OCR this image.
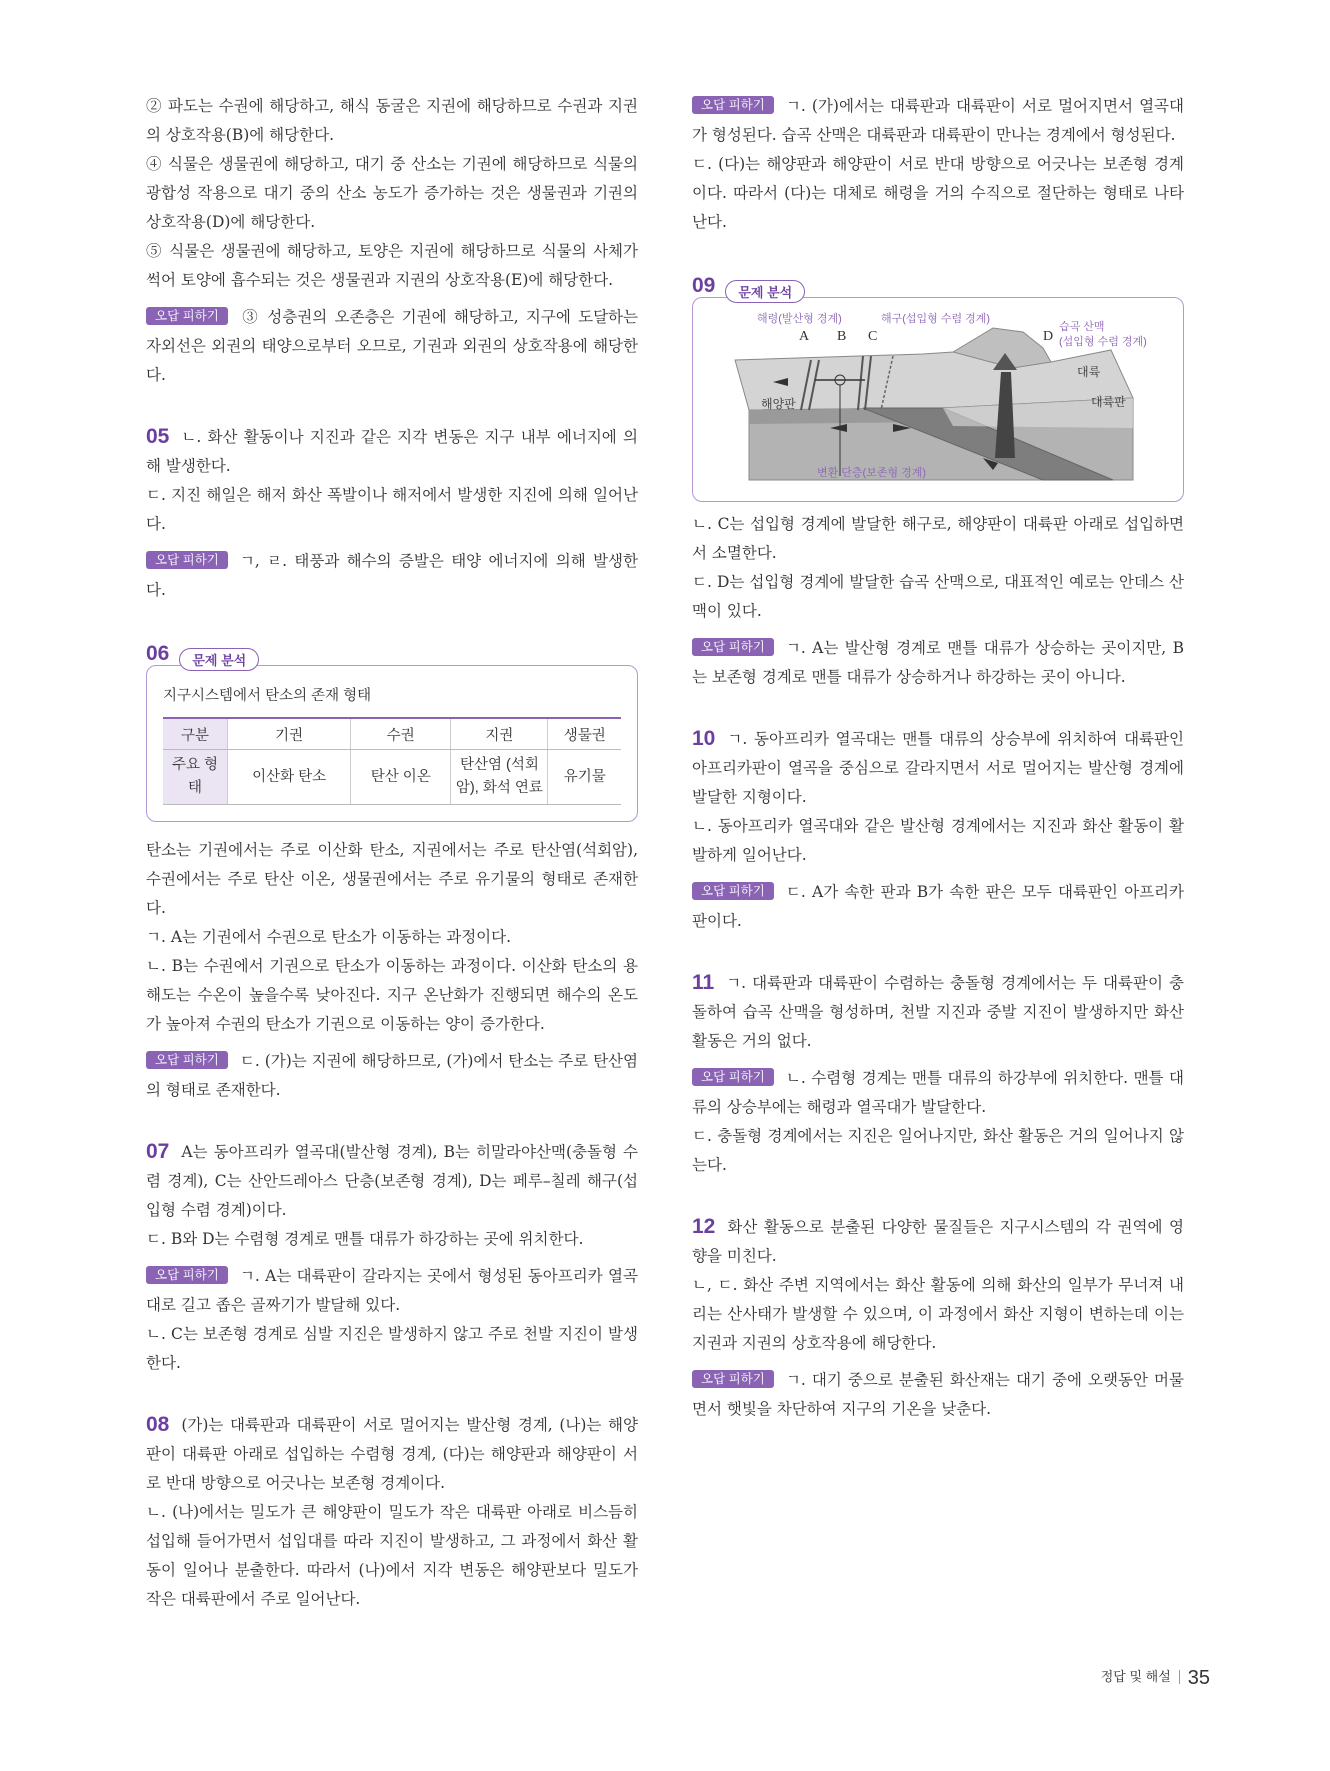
② 파도는 수권에 해당하고, 해식 동굴은 지권에 해당하므로 수권과 지권의 상호작용(B)에 해당한다.

④ 식물은 생물권에 해당하고, 대기 중 산소는 기권에 해당하므로 식물의 광합성 작용으로 대기 중의 산소 농도가 증가하는 것은 생물권과 기권의 상호작용(D)에 해당한다.

⑤ 식물은 생물권에 해당하고, 토양은 지권에 해당하므로 식물의 사체가 썩어 토양에 흡수되는 것은 생물권과 지권의 상호작용(E)에 해당한다.

오답 피하기 ③ 성층권의 오존층은 기권에 해당하고, 지구에 도달하는 자외선은 외권의 태양으로부터 오므로, 기권과 외권의 상호작용에 해당한다.

05 ㄴ. 화산 활동이나 지진과 같은 지각 변동은 지구 내부 에너지에 의해 발생한다.

ㄷ. 지진 해일은 해저 화산 폭발이나 해저에서 발생한 지진에 의해 일어난다.

오답 피하기 ㄱ, ㄹ. 태풍과 해수의 증발은 태양 에너지에 의해 발생한다.

06	문제 분석
지구시스템에서 탄소의 존재 형태
구분	기권	수권	지권	생물권
주요 형태	이산화 탄소	탄산 이온	탄산염 (석회암), 화석 연료	유기물

탄소는 기권에서는 주로 이산화 탄소, 지권에서는 주로 탄산염(석회암), 수권에서는 주로 탄산 이온, 생물권에서는 주로 유기물의 형태로 존재한다.

ㄱ. A는 기권에서 수권으로 탄소가 이동하는 과정이다.

ㄴ. B는 수권에서 기권으로 탄소가 이동하는 과정이다. 이산화 탄소의 용해도는 수온이 높을수록 낮아진다. 지구 온난화가 진행되면 해수의 온도가 높아져 수권의 탄소가 기권으로 이동하는 양이 증가한다.

오답 피하기 ㄷ. (가)는 지권에 해당하므로, (가)에서 탄소는 주로 탄산염의 형태로 존재한다.

07 A는 동아프리카 열곡대(발산형 경계), B는 히말라야산맥(충돌형 수렴 경계), C는 산안드레아스 단층(보존형 경계), D는 페루–칠레 해구(섭입형 수렴 경계)이다.

ㄷ. B와 D는 수렴형 경계로 맨틀 대류가 하강하는 곳에 위치한다.

오답 피하기 ㄱ. A는 대륙판이 갈라지는 곳에서 형성된 동아프리카 열곡대로 길고 좁은 골짜기가 발달해 있다.

ㄴ. C는 보존형 경계로 심발 지진은 발생하지 않고 주로 천발 지진이 발생한다.

08 (가)는 대륙판과 대륙판이 서로 멀어지는 발산형 경계, (나)는 해양판이 대륙판 아래로 섭입하는 수렴형 경계, (다)는 해양판과 해양판이 서로 반대 방향으로 어긋나는 보존형 경계이다.

ㄴ. (나)에서는 밀도가 큰 해양판이 밀도가 작은 대륙판 아래로 비스듬히 섭입해 들어가면서 섭입대를 따라 지진이 발생하고, 그 과정에서 화산 활동이 일어나 분출한다. 따라서 (나)에서 지각 변동은 해양판보다 밀도가 작은 대륙판에서 주로 일어난다.

오답 피하기 ㄱ. (가)에서는 대륙판과 대륙판이 서로 멀어지면서 열곡대가 형성된다. 습곡 산맥은 대륙판과 대륙판이 만나는 경계에서 형성된다.

ㄷ. (다)는 해양판과 해양판이 서로 반대 방향으로 어긋나는 보존형 경계이다. 따라서 (다)는 대체로 해령을 거의 수직으로 절단하는 형태로 나타난다.

09	문제 분석
해령(발산형 경계)	해구(섭입형 수렴 경계)
습곡 산맥
(섭입형 수렴 경계)
A B C	D
대륙
대륙판
해양판
변환 단층(보존형 경계)

ㄴ. C는 섭입형 경계에 발달한 해구로, 해양판이 대륙판 아래로 섭입하면서 소멸한다.

ㄷ. D는 섭입형 경계에 발달한 습곡 산맥으로, 대표적인 예로는 안데스 산맥이 있다.

오답 피하기 ㄱ. A는 발산형 경계로 맨틀 대류가 상승하는 곳이지만, B는 보존형 경계로 맨틀 대류가 상승하거나 하강하는 곳이 아니다.

10 ㄱ. 동아프리카 열곡대는 맨틀 대류의 상승부에 위치하여 대륙판인 아프리카판이 열곡을 중심으로 갈라지면서 서로 멀어지는 발산형 경계에 발달한 지형이다.

ㄴ. 동아프리카 열곡대와 같은 발산형 경계에서는 지진과 화산 활동이 활발하게 일어난다.

오답 피하기 ㄷ. A가 속한 판과 B가 속한 판은 모두 대륙판인 아프리카판이다.

11 ㄱ. 대륙판과 대륙판이 수렴하는 충돌형 경계에서는 두 대륙판이 충돌하여 습곡 산맥을 형성하며, 천발 지진과 중발 지진이 발생하지만 화산 활동은 거의 없다.

오답 피하기 ㄴ. 수렴형 경계는 맨틀 대류의 하강부에 위치한다. 맨틀 대류의 상승부에는 해령과 열곡대가 발달한다.

ㄷ. 충돌형 경계에서는 지진은 일어나지만, 화산 활동은 거의 일어나지 않는다.

12 화산 활동으로 분출된 다양한 물질들은 지구시스템의 각 권역에 영향을 미친다.

ㄴ, ㄷ. 화산 주변 지역에서는 화산 활동에 의해 화산의 일부가 무너져 내리는 산사태가 발생할 수 있으며, 이 과정에서 화산 지형이 변하는데 이는 지권과 지권의 상호작용에 해당한다.

오답 피하기 ㄱ. 대기 중으로 분출된 화산재는 대기 중에 오랫동안 머물면서 햇빛을 차단하여 지구의 기온을 낮춘다.

정답 및 해설 35
